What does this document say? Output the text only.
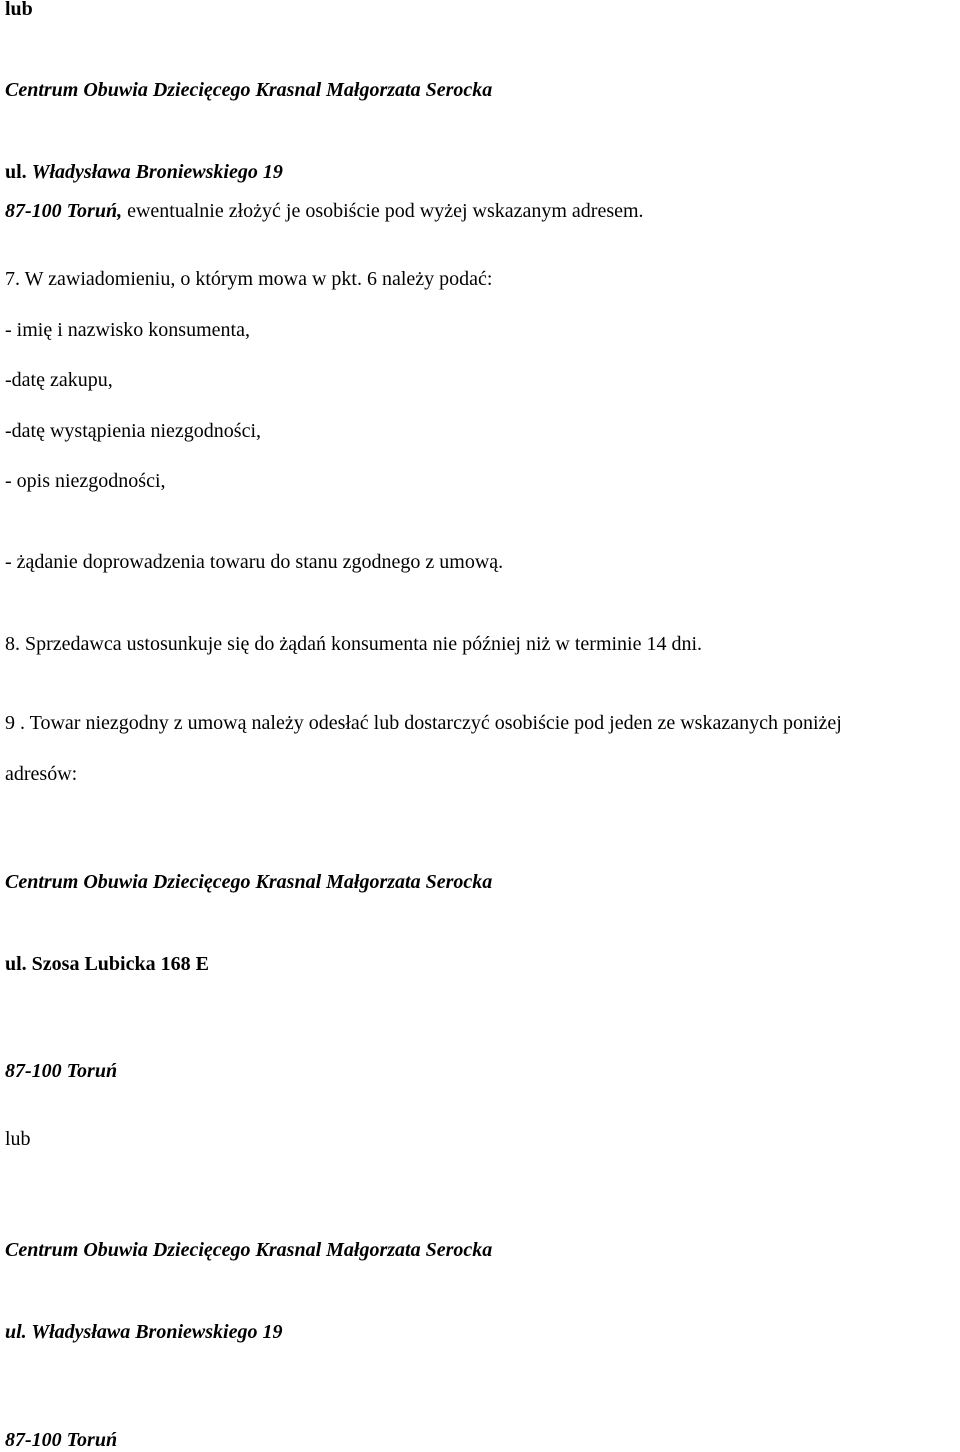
lub
Centrum Obuwia Dziecięcego Krasnal Małgorzata Serocka
ul. Władysława Broniewskiego 19
87-100 Toruń, ewentualnie złożyć je osobiście pod wyżej wskazanym adresem.
7. W zawiadomieniu, o którym mowa w pkt. 6 należy podać:
- imię i nazwisko konsumenta,
-datę zakupu,
-datę wystąpienia niezgodności,
- opis niezgodności,
- żądanie doprowadzenia towaru do stanu zgodnego z umową.
8. Sprzedawca ustosunkuje się do żądań konsumenta nie później niż w terminie 14 dni.
9 . Towar niezgodny z umową należy odesłać lub dostarczyć osobiście pod jeden ze wskazanych poniżej
adresów:
Centrum Obuwia Dziecięcego Krasnal Małgorzata Serocka
ul. Szosa Lubicka 168 E
87-100 Toruń
lub
Centrum Obuwia Dziecięcego Krasnal Małgorzata Serocka
ul. Władysława Broniewskiego 19
87-100 Toruń
